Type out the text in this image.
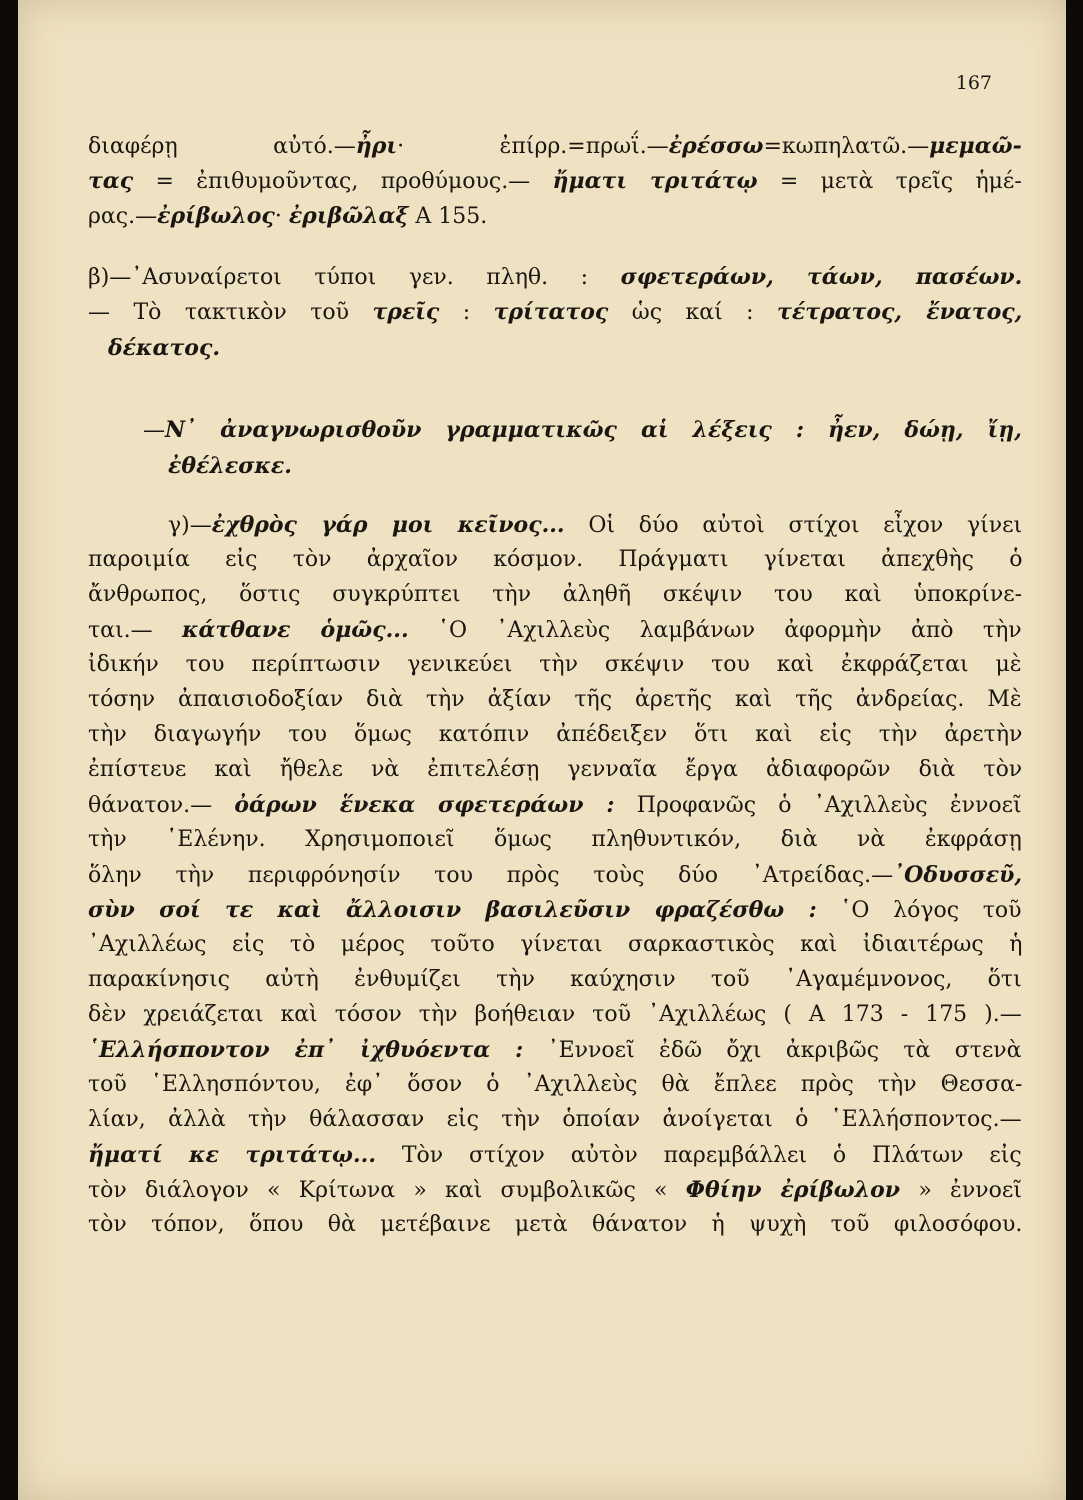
167
διαφέρῃ αὐτό.—ἦρι· ἐπίρρ.=πρωΐ.—ἐρέσσω=κωπηλατῶ.—μεμαῶ-
τας = ἐπιθυμοῦντας, προθύμους.— ἤματι τριτάτῳ = μετὰ τρεῖς ἡμέ-
ρας.—ἐρίβωλος· ἐριβῶλαξ Α 155.
β)—᾿Ασυναίρετοι τύποι γεν. πληθ. : σφετεράων, τάων, πασέων.
— Τὸ τακτικὸν τοῦ τρεῖς : τρίτατος ὡς καί : τέτρατος, ἔνατος,
δέκατος.
—Ν᾿ ἀναγνωρισθοῦν γραμματικῶς αἱ λέξεις : ἦεν, δώῃ, ἴῃ,
ἐθέλεσκε.
γ)—ἐχθρὸς γάρ μοι κεῖνος... Οἱ δύο αὐτοὶ στίχοι εἶχον γίνει
παροιμία εἰς τὸν ἀρχαῖον κόσμον. Πράγματι γίνεται ἀπεχθὴς ὁ
ἄνθρωπος, ὅστις συγκρύπτει τὴν ἀληθῆ σκέψιν του καὶ ὑποκρίνε-
ται.— κάτθανε ὁμῶς... ῾Ο ᾿Αχιλλεὺς λαμβάνων ἀφορμὴν ἀπὸ τὴν
ἰδικήν του περίπτωσιν γενικεύει τὴν σκέψιν του καὶ ἐκφράζεται μὲ
τόσην ἀπαισιοδοξίαν διὰ τὴν ἀξίαν τῆς ἀρετῆς καὶ τῆς ἀνδρείας. Μὲ
τὴν διαγωγήν του ὅμως κατόπιν ἀπέδειξεν ὅτι καὶ εἰς τὴν ἀρετὴν
ἐπίστευε καὶ ἤθελε νὰ ἐπιτελέσῃ γενναῖα ἔργα ἀδιαφορῶν διὰ τὸν
θάνατον.— ὀάρων ἕνεκα σφετεράων : Προφανῶς ὁ ᾿Αχιλλεὺς ἐννοεῖ
τὴν ῾Ελένην. Χρησιμοποιεῖ ὅμως πληθυντικόν, διὰ νὰ ἐκφράσῃ
ὅλην τὴν περιφρόνησίν του πρὸς τοὺς δύο ᾿Ατρείδας.—᾿Οδυσσεῦ,
σὺν σοί τε καὶ ἄλλοισιν βασιλεῦσιν φραζέσθω : ῾Ο λόγος τοῦ
᾿Αχιλλέως εἰς τὸ μέρος τοῦτο γίνεται σαρκαστικὸς καὶ ἰδιαιτέρως ἡ
παρακίνησις αὐτὴ ἐνθυμίζει τὴν καύχησιν τοῦ ᾿Αγαμέμνονος, ὅτι
δὲν χρειάζεται καὶ τόσον τὴν βοήθειαν τοῦ ᾿Αχιλλέως ( Α 173 - 175 ).—
῾Ελλήσποντον ἐπ᾿ ἰχθυόεντα : ᾿Εννοεῖ ἐδῶ ὄχι ἀκριβῶς τὰ στενὰ
τοῦ ῾Ελλησπόντου, ἐφ᾿ ὅσον ὁ ᾿Αχιλλεὺς θὰ ἔπλεε πρὸς τὴν Θεσσα-
λίαν, ἀλλὰ τὴν θάλασσαν εἰς τὴν ὁποίαν ἀνοίγεται ὁ ῾Ελλήσποντος.—
ἤματί κε τριτάτῳ... Τὸν στίχον αὐτὸν παρεμβάλλει ὁ Πλάτων εἰς
τὸν διάλογον « Κρίτωνα » καὶ συμβολικῶς « Φθίην ἐρίβωλον » ἐννοεῖ
τὸν τόπον, ὅπου θὰ μετέβαινε μετὰ θάνατον ἡ ψυχὴ τοῦ φιλοσόφου.
